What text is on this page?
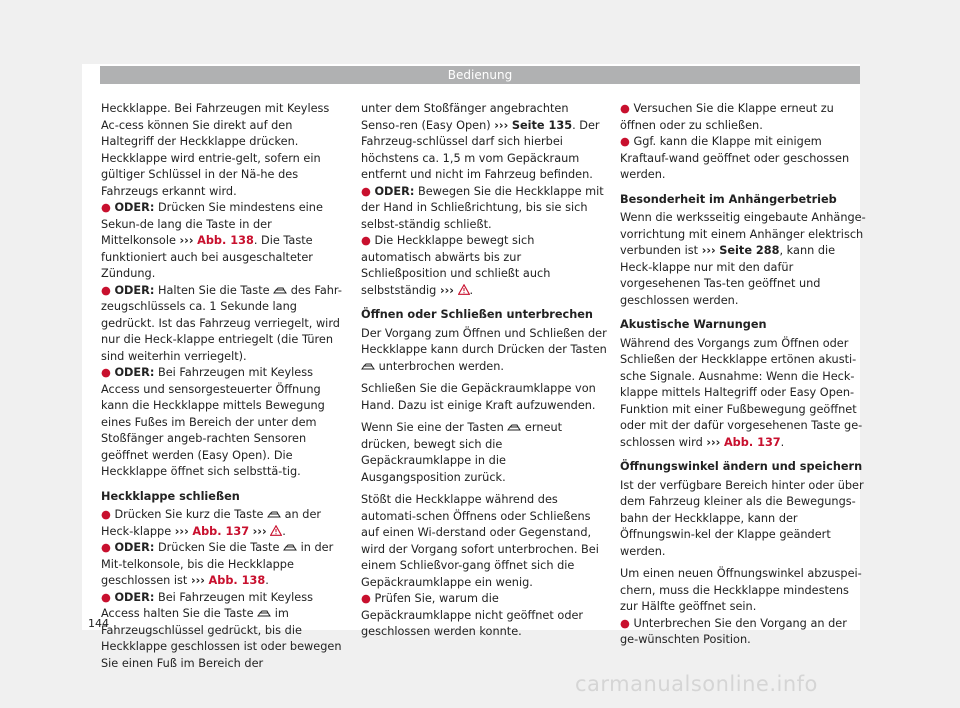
Bedienung

Heckklappe. Bei Fahrzeugen mit Keyless Ac-cess können Sie direkt auf den Haltegriff der Heckklappe drücken. Heckklappe wird entrie-gelt, sofern ein gültiger Schlüssel in der Nä-he des Fahrzeugs erkannt wird.

● ODER: Drücken Sie mindestens eine Sekun-de lang die Taste in der Mittelkonsole ››› Abb. 138. Die Taste funktioniert auch bei ausgeschalteter Zündung.

● ODER: Halten Sie die Taste  des Fahr-zeugschlüssels ca. 1 Sekunde lang gedrückt. Ist das Fahrzeug verriegelt, wird nur die Heck-klappe entriegelt (die Türen sind weiterhin verriegelt).

● ODER: Bei Fahrzeugen mit Keyless Access und sensorgesteuerter Öffnung kann die Heckklappe mittels Bewegung eines Fußes im Bereich der unter dem Stoßfänger angeb-rachten Sensoren geöffnet werden (Easy Open). Die Heckklappe öffnet sich selbsttä-tig.

Heckklappe schließen

● Drücken Sie kurz die Taste  an der Heck-klappe ››› Abb. 137 ››› .

● ODER: Drücken Sie die Taste  in der Mit-telkonsole, bis die Heckklappe geschlossen ist ››› Abb. 138.

● ODER: Bei Fahrzeugen mit Keyless Access halten Sie die Taste  im Fahrzeugschlüssel gedrückt, bis die Heckklappe geschlossen ist oder bewegen Sie einen Fuß im Bereich der

unter dem Stoßfänger angebrachten Senso-ren (Easy Open) ››› Seite 135. Der Fahrzeug-schlüssel darf sich hierbei höchstens ca. 1,5 m vom Gepäckraum entfernt und nicht im Fahrzeug befinden.

● ODER: Bewegen Sie die Heckklappe mit der Hand in Schließrichtung, bis sie sich selbst-ständig schließt.

● Die Heckklappe bewegt sich automatisch abwärts bis zur Schließposition und schließt auch selbstständig ››› .

Öffnen oder Schließen unterbrechen

Der Vorgang zum Öffnen und Schließen der Heckklappe kann durch Drücken der Tasten  unterbrochen werden.

Schließen Sie die Gepäckraumklappe von Hand. Dazu ist einige Kraft aufzuwenden.

Wenn Sie eine der Tasten  erneut drücken, bewegt sich die Gepäckraumklappe in die Ausgangsposition zurück.

Stößt die Heckklappe während des automati-schen Öffnens oder Schließens auf einen Wi-derstand oder Gegenstand, wird der Vorgang sofort unterbrochen. Bei einem Schließvor-gang öffnet sich die Gepäckraumklappe ein wenig.

● Prüfen Sie, warum die Gepäckraumklappe nicht geöffnet oder geschlossen werden konnte.

● Versuchen Sie die Klappe erneut zu öffnen oder zu schließen.

● Ggf. kann die Klappe mit einigem Kraftauf-wand geöffnet oder geschossen werden.

Besonderheit im Anhängerbetrieb

Wenn die werksseitig eingebaute Anhänge-vorrichtung mit einem Anhänger elektrisch verbunden ist ››› Seite 288, kann die Heck-klappe nur mit den dafür vorgesehenen Tas-ten geöffnet und geschlossen werden.

Akustische Warnungen

Während des Vorgangs zum Öffnen oder Schließen der Heckklappe ertönen akusti-sche Signale. Ausnahme: Wenn die Heck-klappe mittels Haltegriff oder Easy Open-Funktion mit einer Fußbewegung geöffnet oder mit der dafür vorgesehenen Taste ge-schlossen wird ››› Abb. 137.

Öffnungswinkel ändern und speichern

Ist der verfügbare Bereich hinter oder über dem Fahrzeug kleiner als die Bewegungs-bahn der Heckklappe, kann der Öffnungswin-kel der Klappe geändert werden.

Um einen neuen Öffnungswinkel abzuspei-chern, muss die Heckklappe mindestens zur Hälfte geöffnet sein.

● Unterbrechen Sie den Vorgang an der ge-wünschten Position.

144
carmanualsonline.info
